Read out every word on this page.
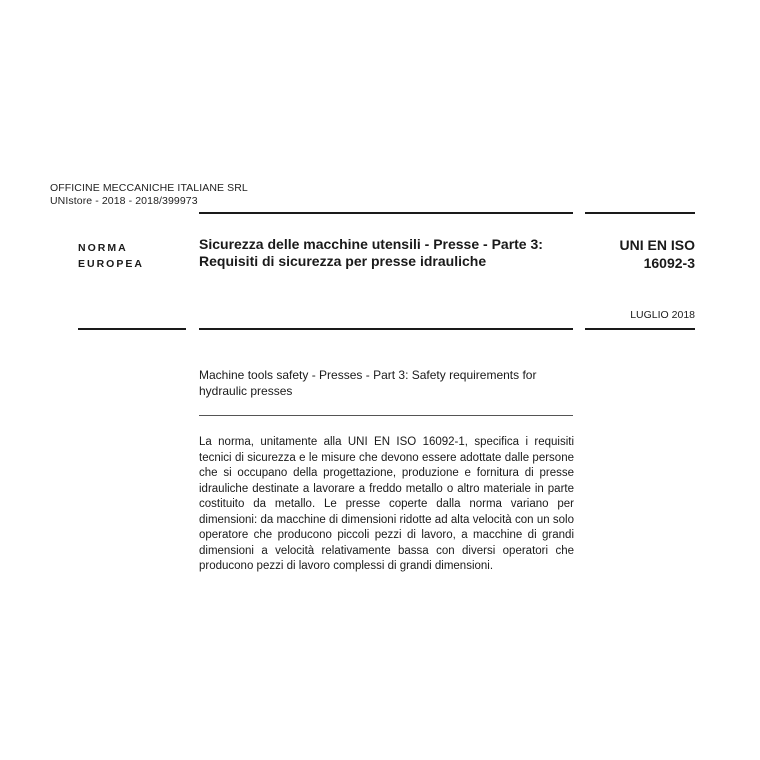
OFFICINE MECCANICHE ITALIANE SRL
UNIstore - 2018 - 2018/399973
NORMA
EUROPEA
Sicurezza delle macchine utensili - Presse - Parte 3:
Requisiti di sicurezza per presse idrauliche
UNI EN ISO
16092-3
LUGLIO 2018
Machine tools safety - Presses - Part 3: Safety requirements for
hydraulic presses
La norma, unitamente alla UNI EN ISO 16092-1, specifica i requisiti tecnici di sicurezza e le misure che devono essere adottate dalle persone che si occupano della progettazione, produzione e fornitura di presse idrauliche destinate a lavorare a freddo metallo o altro materiale in parte costituito da metallo. Le presse coperte dalla norma variano per dimensioni: da macchine di dimensioni ridotte ad alta velocità con un solo operatore che producono piccoli pezzi di lavoro, a macchine di grandi dimensioni a velocità relativamente bassa con diversi operatori che producono pezzi di lavoro complessi di grandi dimensioni.
